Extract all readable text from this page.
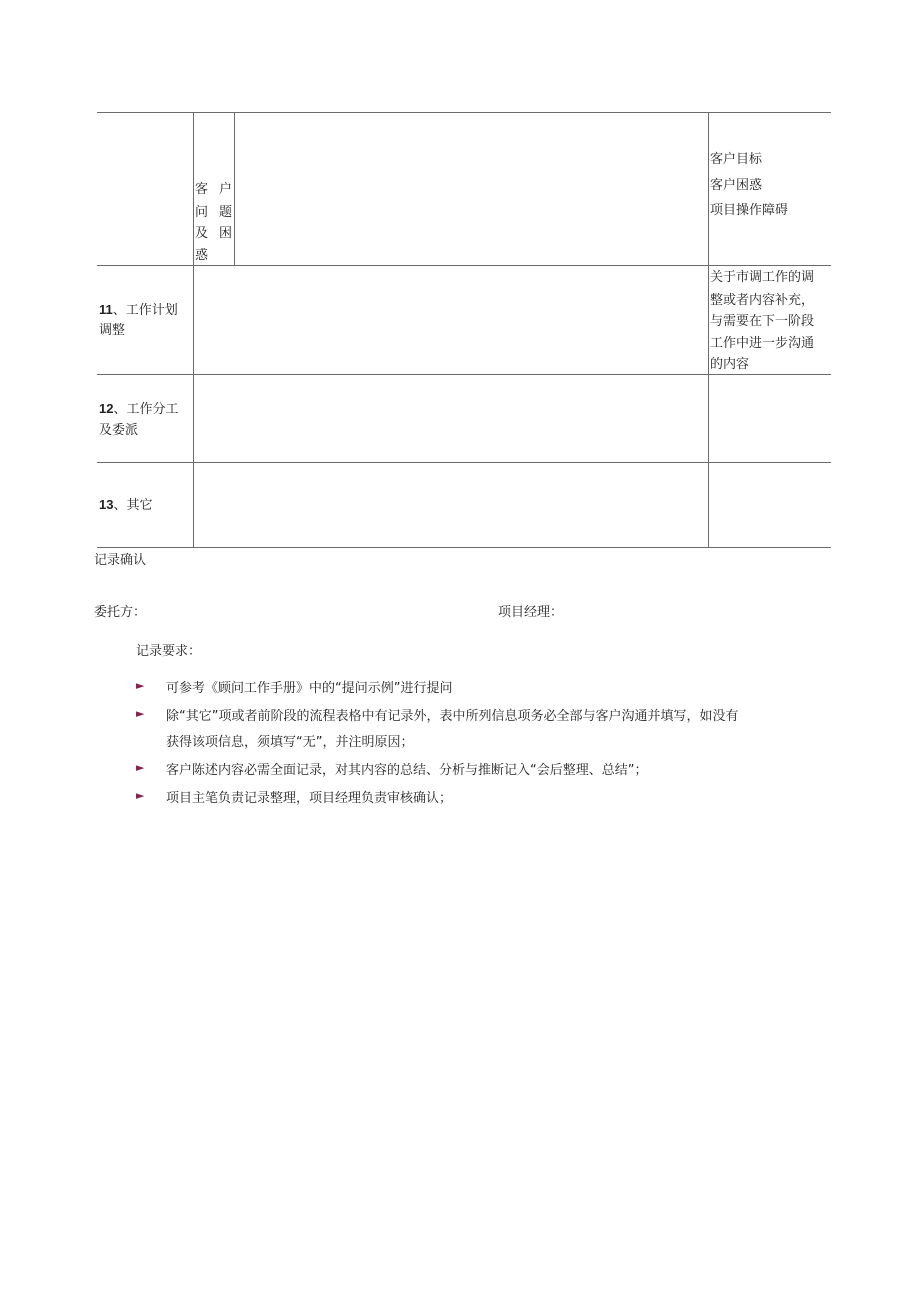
客 户
问 题
及 困
惑
客户目标
客户困惑
项目操作障碍
11、工作计划
调整
关于市调工作的调
整或者内容补充，
与需要在下一阶段
工作中进一步沟通
的内容
12、工作分工
及委派
13、其它
记录确认
委托方：	项目经理：
记录要求：
► 可参考《顾问工作手册》中的“提问示例”进行提问
► 除“其它”项或者前阶段的流程表格中有记录外，表中所列信息项务必全部与客户沟通并填写，如没有
获得该项信息，须填写“无”，并注明原因；
► 客户陈述内容必需全面记录，对其内容的总结、分析与推断记入“会后整理、总结”；
► 项目主笔负责记录整理，项目经理负责审核确认；
